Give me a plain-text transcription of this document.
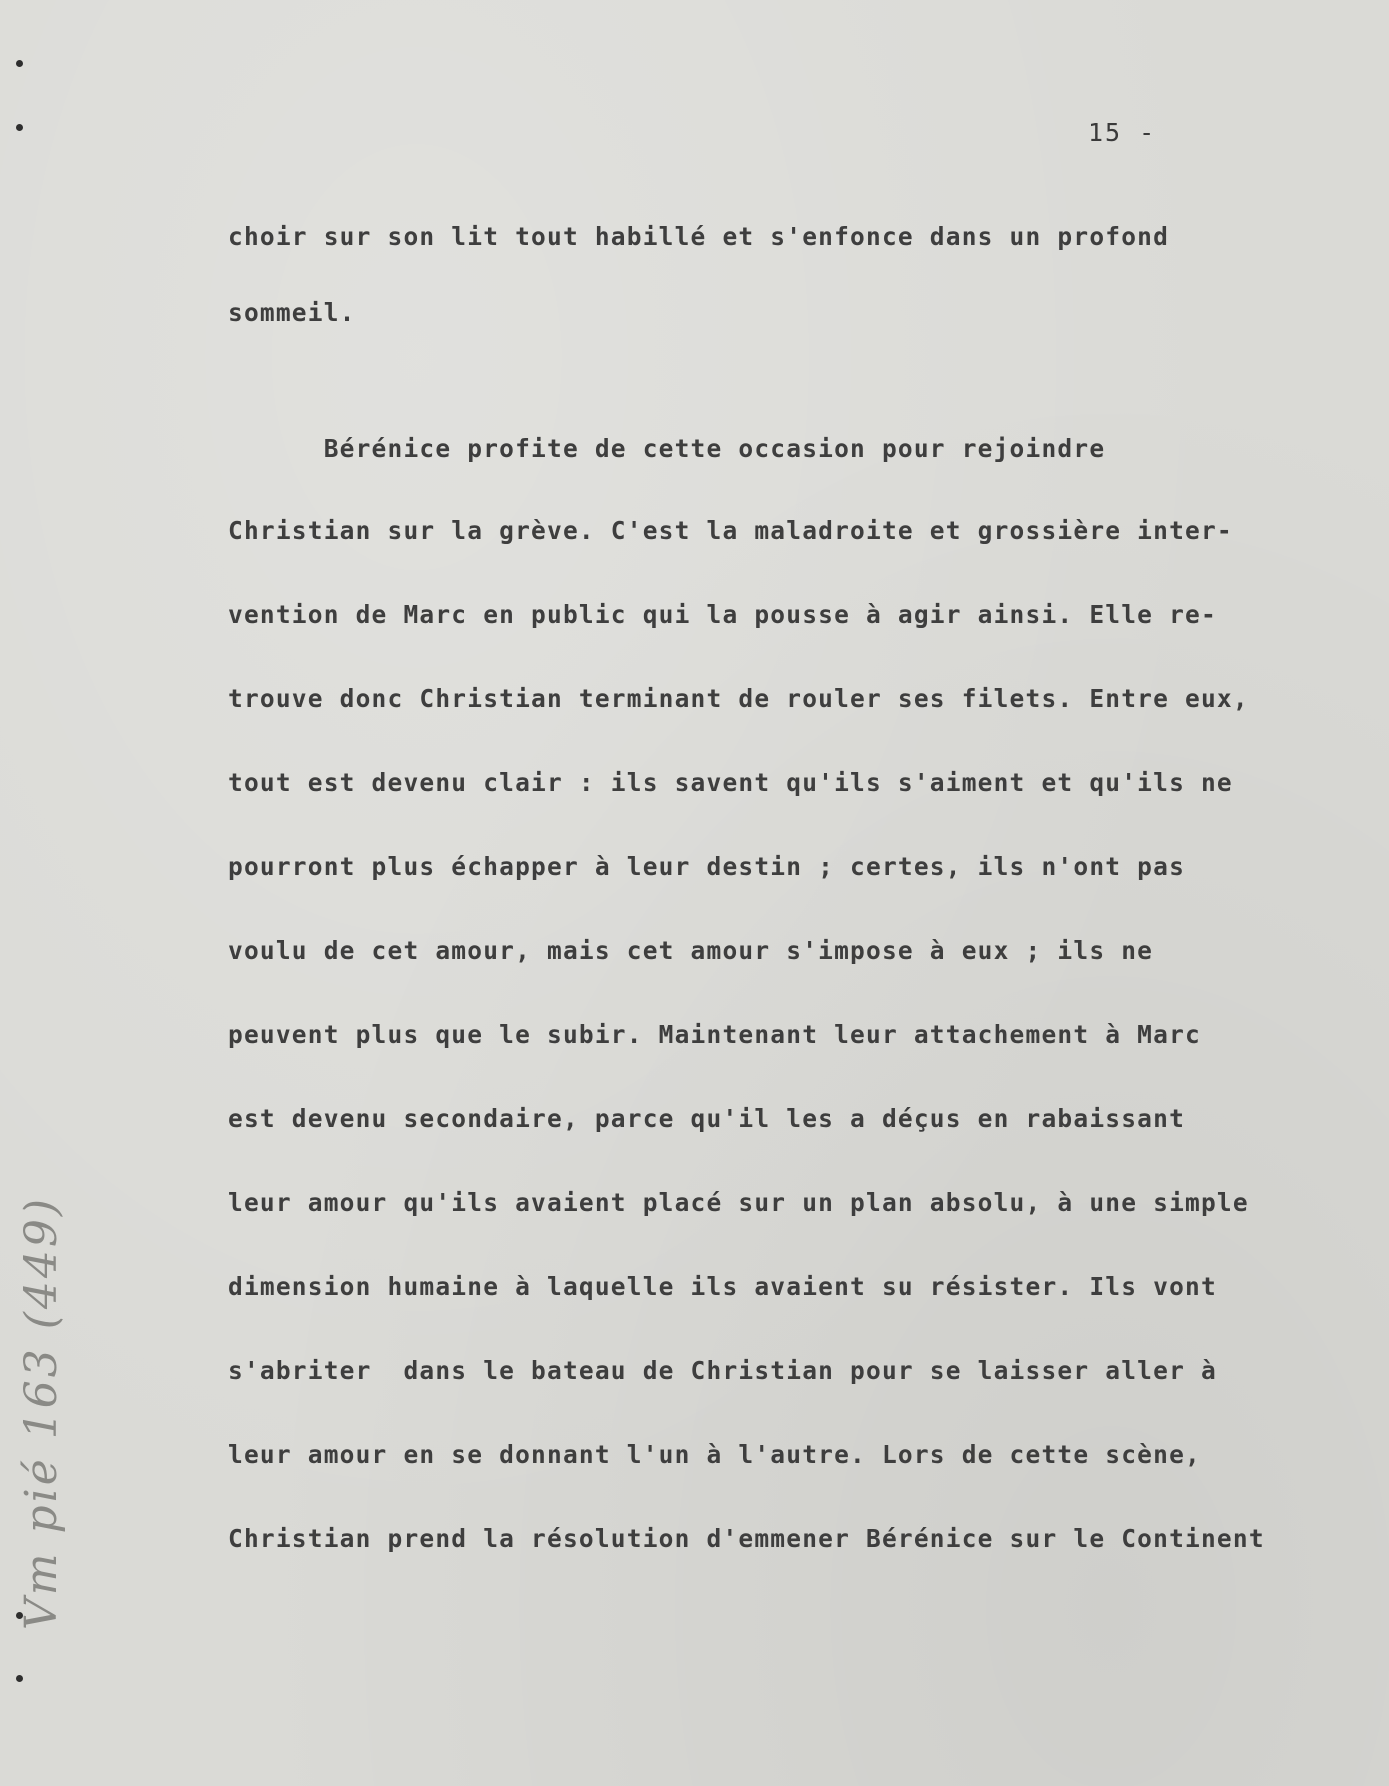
15 -

choir sur son lit tout habillé et s'enfonce dans un profond

sommeil.

Bérénice profite de cette occasion pour rejoindre

Christian sur la grève. C'est la maladroite et grossière inter-

vention de Marc en public qui la pousse à agir ainsi. Elle re-

trouve donc Christian terminant de rouler ses filets. Entre eux,

tout est devenu clair : ils savent qu'ils s'aiment et qu'ils ne

pourront plus échapper à leur destin ; certes, ils n'ont pas

voulu de cet amour, mais cet amour s'impose à eux ; ils ne

peuvent plus que le subir. Maintenant leur attachement à Marc

est devenu secondaire, parce qu'il les a déçus en rabaissant

leur amour qu'ils avaient placé sur un plan absolu, à une simple

dimension humaine à laquelle ils avaient su résister. Ils vont

s'abriter  dans le bateau de Christian pour se laisser aller à

leur amour en se donnant l'un à l'autre. Lors de cette scène,

Christian prend la résolution d'emmener Bérénice sur le Continent

Vm pié 163 (449)
